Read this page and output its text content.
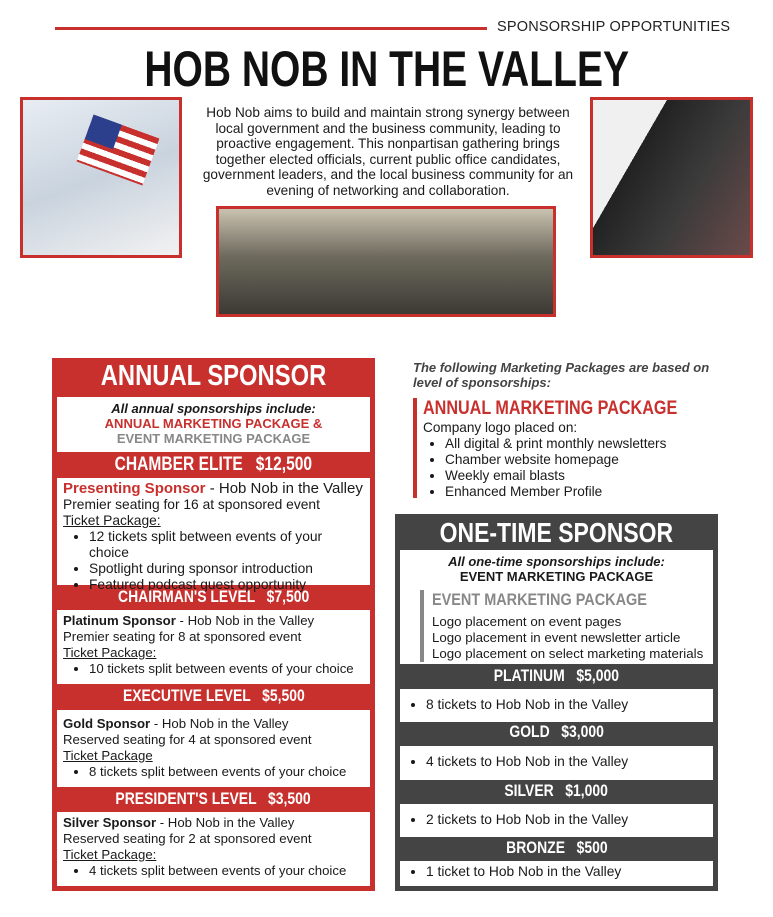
SPONSORSHIP OPPORTUNITIES
HOB NOB IN THE VALLEY
Hob Nob aims to build and maintain strong synergy between local government and the business community, leading to proactive engagement. This nonpartisan gathering brings together elected officials, current public office candidates, government leaders, and the local business community for an evening of networking and collaboration.
ANNUAL SPONSOR
All annual sponsorships include:
ANNUAL MARKETING PACKAGE &
EVENT MARKETING PACKAGE
CHAMBER ELITE   $12,500
Presenting Sponsor - Hob Nob in the Valley
Premier seating for 16 at sponsored event
Ticket Package:
• 12 tickets split between events of your choice
• Spotlight during sponsor introduction
• Featured podcast guest opportunity
CHAIRMAN'S LEVEL   $7,500
Platinum Sponsor - Hob Nob in the Valley
Premier seating for 8 at sponsored event
Ticket Package:
• 10 tickets split between events of your choice
EXECUTIVE LEVEL   $5,500
Gold Sponsor - Hob Nob in the Valley
Reserved seating for 4 at sponsored event
Ticket Package
• 8 tickets split between events of your choice
PRESIDENT'S LEVEL   $3,500
Silver Sponsor - Hob Nob in the Valley
Reserved seating for 2 at sponsored event
Ticket Package:
• 4 tickets split between events of your choice
The following Marketing Packages are based on level of sponsorships:
ANNUAL MARKETING PACKAGE
Company logo placed on:
• All digital & print monthly newsletters
• Chamber website homepage
• Weekly email blasts
• Enhanced Member Profile
ONE-TIME SPONSOR
All one-time sponsorships include:
EVENT MARKETING PACKAGE
EVENT MARKETING PACKAGE
Logo placement on event pages
Logo placement in event newsletter article
Logo placement on select marketing materials
PLATINUM   $5,000
• 8 tickets to Hob Nob in the Valley
GOLD   $3,000
• 4 tickets to Hob Nob in the Valley
SILVER   $1,000
• 2 tickets to Hob Nob in the Valley
BRONZE   $500
• 1 ticket to Hob Nob in the Valley
